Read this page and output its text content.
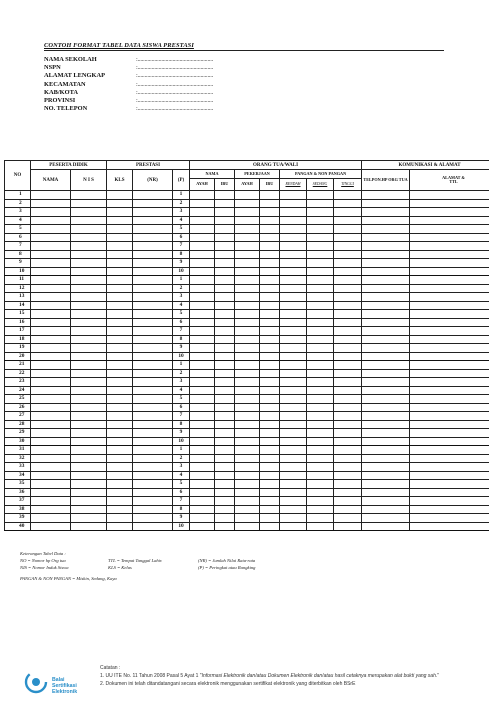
CONTOH FORMAT TABEL DATA SISWA PRESTASI
NAMA SEKOLAH	:......................................................
NSPN	:......................................................
ALAMAT LENGKAP	:......................................................
KECAMATAN	:......................................................
KAB/KOTA	:......................................................
PROVINSI	:......................................................
NO. TELEPON	:......................................................
NO	PESERTA DIDIK		PRESTASI			ORANG TUA/WALI							KOMUNIKASI & ALAMAT	
	NAMA	N I S	KLS	(NR)	(P)	NAMA		PEKERJAAN		PANGAN & NON PANGAN			TELPON.HP ORG TUA	ALAMAT & TTL
						AYAH	IBU	AYAH	IBU	RENDAH	SEDANG	TINGGI		
1					1									
2					2									
3					3									
4					4									
5					5									
6					6									
7					7									
8					8									
9					9									
10					10									
11					1									
12					2									
13					3									
14					4									
15					5									
16					6									
17					7									
18					8									
19					9									
20					10									
21					1									
22					2									
23					3									
24					4									
25					5									
26					6									
27					7									
28					8									
29					9									
30					10									
31					1									
32					2									
33					3									
34					4									
35					5									
36					6									
37					7									
38					8									
39					9									
40					10									
Keterangan Tabel Data :
NO = Nomor hp Org tua	TTL = Tempat Tanggal Lahir.	(NR) = Jumlah Nilai Rata-rata
NIS = Nomor Induk Siswa	KLS = Kelas	(P) = Peringkat atau Rangking
PANGAN & NON PANGAN = Miskin, Sedang, Kaya
Balai
Sertifikasi
Elektronik
Catatan :
1. UU ITE No. 11 Tahun 2008 Pasal 5 Ayat 1 "Informasi Elektronik dan/atau Dokumen Elektronik dan/atau hasil cetaknya merupakan alat bukti yang sah."
2. Dokumen ini telah ditandatangani secara elektronik menggunakan sertifikat elektronik yang diterbitkan oleh BSrE
